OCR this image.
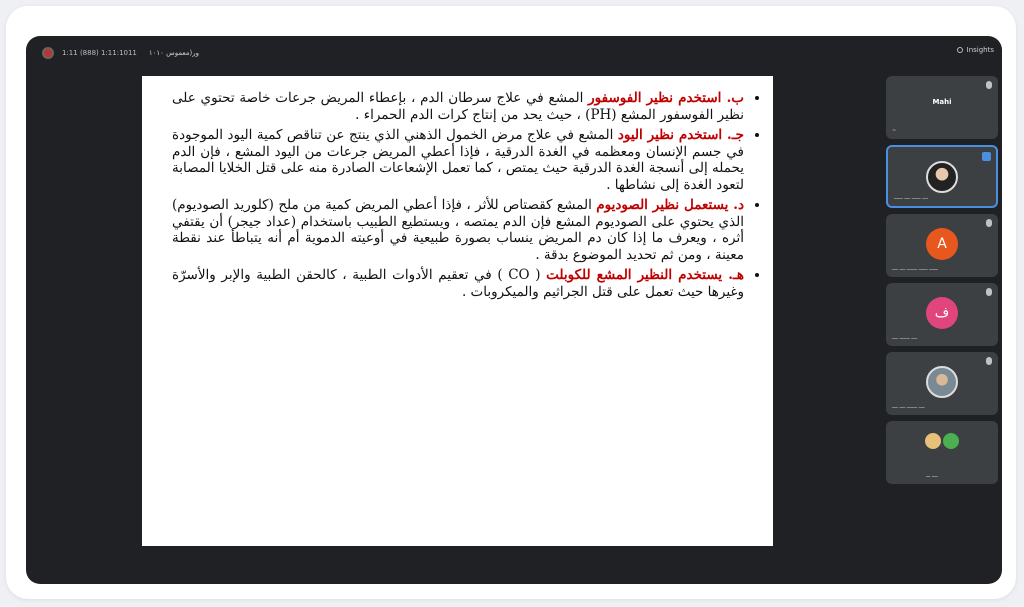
1:11 (888) 1:11:1011 ور(معموس ١٠١٠	Insights
• ب. استخدم نظير الفوسفور المشع في علاج سرطان الدم ، بإعطاء المريض جرعات خاصة تحتوي على نظير الفوسفور المشع (PH) ، حيث يحد من إنتاج كرات الدم الحمراء .
• جـ. استخدم نظير اليود المشع في علاج مرض الخمول الذهني الذي ينتج عن تناقص كمية اليود الموجودة في جسم الإنسان ومعظمه في الغدة الدرقية ، فإذا أعطي المريض جرعات من اليود المشع ، فإن الدم يحمله إلى أنسجة الغدة الدرقية حيث يمتص ، كما تعمل الإشعاعات الصادرة منه على قتل الخلايا المصابة لتعود الغدة إلى نشاطها .
• د. يستعمل نظير الصوديوم المشع كقصتاص للأثر ، فإذا أعطي المريض كمية من ملح (كلوريد الصوديوم) الذي يحتوي على الصوديوم المشع فإن الدم يمتصه ، ويستطيع الطبيب باستخدام (عداد جيجر) أن يقتفي أثره ، ويعرف ما إذا كان دم المريض ينساب بصورة طبيعية في أوعيته الدموية أم أنه يتباطأ عند نقطة معينة ، ومن ثم تحديد الموضوع بدقة .
• هـ. يستخدم النظير المشع للكوبلت ( CO ) في تعقيم الأدوات الطبية ، كالحقن الطبية والإبر والأسرّة وغيرها حيث تعمل على قتل الجراثيم والميكروبات .
Mahi
~
ــــ ــــــ ــــ ــــــ
A
ــــــ ــــــ ـــــــ ــــ ــــ
ف
ــــ ـــــــ ــــ
ــــ ـــــــ ــــ ــــ
ــــ ـــ
